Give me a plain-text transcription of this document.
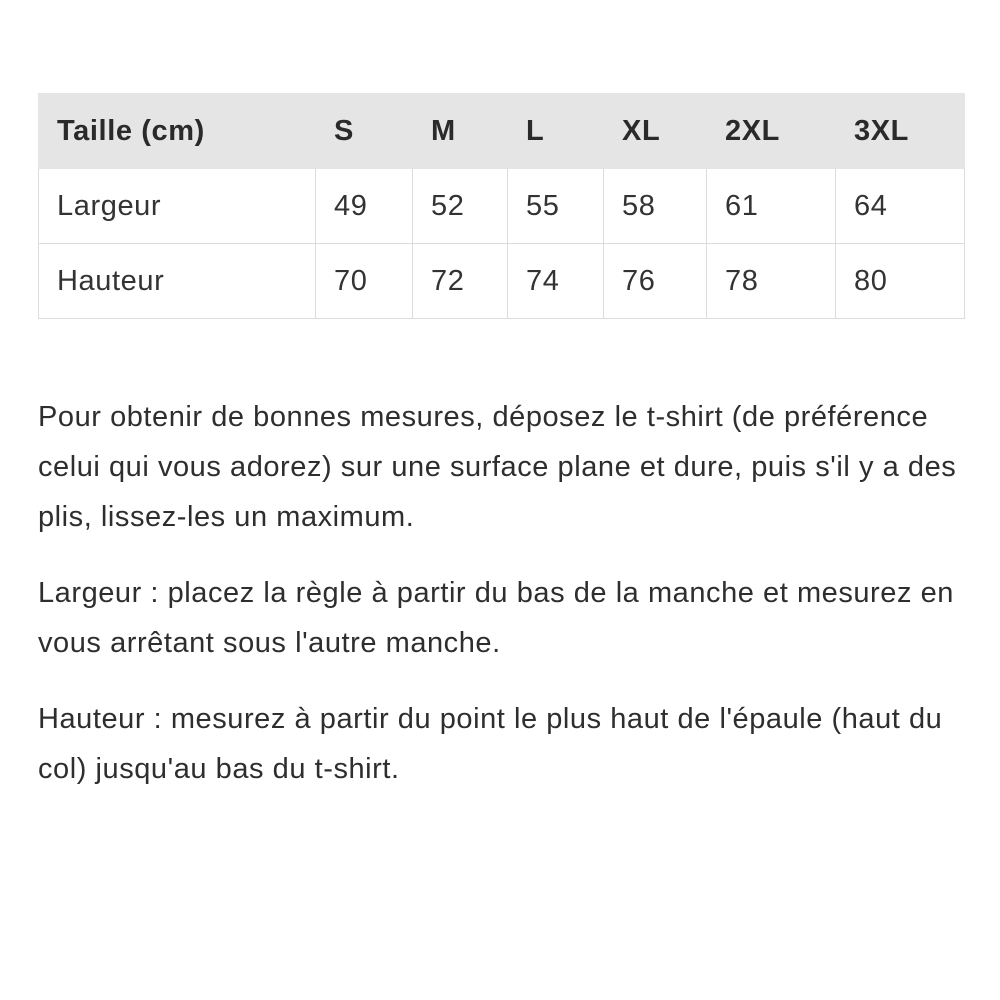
Taille (cm)	S	M	L	XL	2XL	3XL
Largeur	49	52	55	58	61	64
Hauteur	70	72	74	76	78	80

Pour obtenir de bonnes mesures, déposez le t-shirt (de préférence celui qui vous adorez) sur une surface plane et dure, puis s'il y a des plis, lissez-les un maximum.

Largeur : placez la règle à partir du bas de la manche et mesurez en vous arrêtant sous l'autre manche.

Hauteur : mesurez à partir du point le plus haut de l'épaule (haut du col) jusqu'au bas du t-shirt.
